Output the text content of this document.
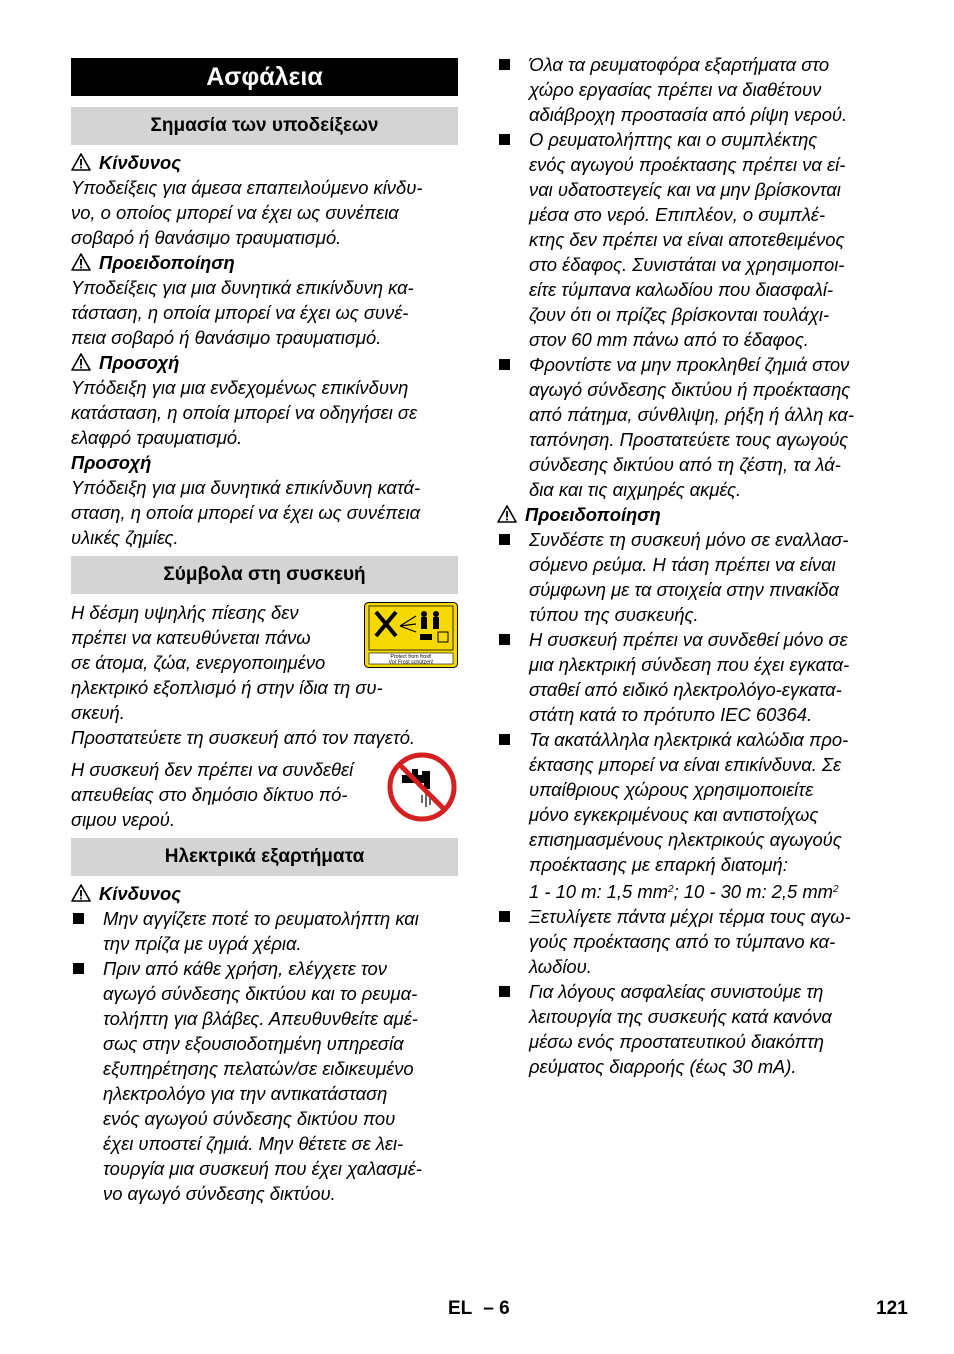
Ασφάλεια
Σημασία των υποδείξεων
Κίνδυνος

Υποδείξεις για άμεσα επαπειλούμενο κίνδυ-
νο, ο οποίος μπορεί να έχει ως συνέπεια
σοβαρό ή θανάσιμο τραυματισμό.

Προειδοποίηση

Υποδείξεις για μια δυνητικά επικίνδυνη κα-
τάσταση, η οποία μπορεί να έχει ως συνέ-
πεια σοβαρό ή θανάσιμο τραυματισμό.

Προσοχή

Υπόδειξη για μια ενδεχομένως επικίνδυνη
κατάσταση, η οποία μπορεί να οδηγήσει σε
ελαφρό τραυματισμό.

Προσοχή

Υπόδειξη για μια δυνητικά επικίνδυνη κατά-
σταση, η οποία μπορεί να έχει ως συνέπεια
υλικές ζημίες.

Σύμβολα στη συσκευή
Protect from frost!
Vor Frost schützen!

Η δέσμη υψηλής πίεσης δεν
πρέπει να κατευθύνεται πάνω
σε άτομα, ζώα, ενεργοποιημένο
ηλεκτρικό εξοπλισμό ή στην ίδια τη συ-
σκευή.

Προστατεύετε τη συσκευή από τον παγετό.

Η συσκευή δεν πρέπει να συνδεθεί
απευθείας στο δημόσιο δίκτυο πό-
σιμου νερού.

Ηλεκτρικά εξαρτήματα
Κίνδυνος

Μην αγγίζετε ποτέ το ρευματολήπτη και
την πρίζα με υγρά χέρια.

Πριν από κάθε χρήση, ελέγχετε τον
αγωγό σύνδεσης δικτύου και το ρευμα-
τολήπτη για βλάβες. Απευθυνθείτε αμέ-
σως στην εξουσιοδοτημένη υπηρεσία
εξυπηρέτησης πελατών/σε ειδικευμένο
ηλεκτρολόγο για την αντικατάσταση
ενός αγωγού σύνδεσης δικτύου που
έχει υποστεί ζημιά. Μην θέτετε σε λει-
τουργία μια συσκευή που έχει χαλασμέ-
νο αγωγό σύνδεσης δικτύου.

Όλα τα ρευματοφόρα εξαρτήματα στο
χώρο εργασίας πρέπει να διαθέτουν
αδιάβροχη προστασία από ρίψη νερού.

Ο ρευματολήπτης και ο συμπλέκτης
ενός αγωγού προέκτασης πρέπει να εί-
ναι υδατοστεγείς και να μην βρίσκονται
μέσα στο νερό. Επιπλέον, ο συμπλέ-
κτης δεν πρέπει να είναι αποτεθειμένος
στο έδαφος. Συνιστάται να χρησιμοποι-
είτε τύμπανα καλωδίου που διασφαλί-
ζουν ότι οι πρίζες βρίσκονται τουλάχι-
στον 60 mm πάνω από το έδαφος.

Φροντίστε να μην προκληθεί ζημιά στον
αγωγό σύνδεσης δικτύου ή προέκτασης
από πάτημα, σύνθλιψη, ρήξη ή άλλη κα-
ταπόνηση. Προστατεύετε τους αγωγούς
σύνδεσης δικτύου από τη ζέστη, τα λά-
δια και τις αιχμηρές ακμές.

Προειδοποίηση

Συνδέστε τη συσκευή μόνο σε εναλλασ-
σόμενο ρεύμα. Η τάση πρέπει να είναι
σύμφωνη με τα στοιχεία στην πινακίδα
τύπου της συσκευής.

Η συσκευή πρέπει να συνδεθεί μόνο σε
μια ηλεκτρική σύνδεση που έχει εγκατα-
σταθεί από ειδικό ηλεκτρολόγο-εγκατα-
στάτη κατά το πρότυπο IEC 60364.

Τα ακατάλληλα ηλεκτρικά καλώδια προ-
έκτασης μπορεί να είναι επικίνδυνα. Σε
υπαίθριους χώρους χρησιμοποιείτε
μόνο εγκεκριμένους και αντιστοίχως
επισημασμένους ηλεκτρικούς αγωγούς
προέκτασης με επαρκή διατομή:
1 - 10 m: 1,5 $mm^2$; 10 - 30 m: 2,5 $mm^2$

Ξετυλίγετε πάντα μέχρι τέρμα τους αγω-
γούς προέκτασης από το τύμπανο κα-
λωδίου.

Για λόγους ασφαλείας συνιστούμε τη
λειτουργία της συσκευής κατά κανόνα
μέσω ενός προστατευτικού διακόπτη
ρεύματος διαρροής (έως 30 mA).

EL – 6	121
